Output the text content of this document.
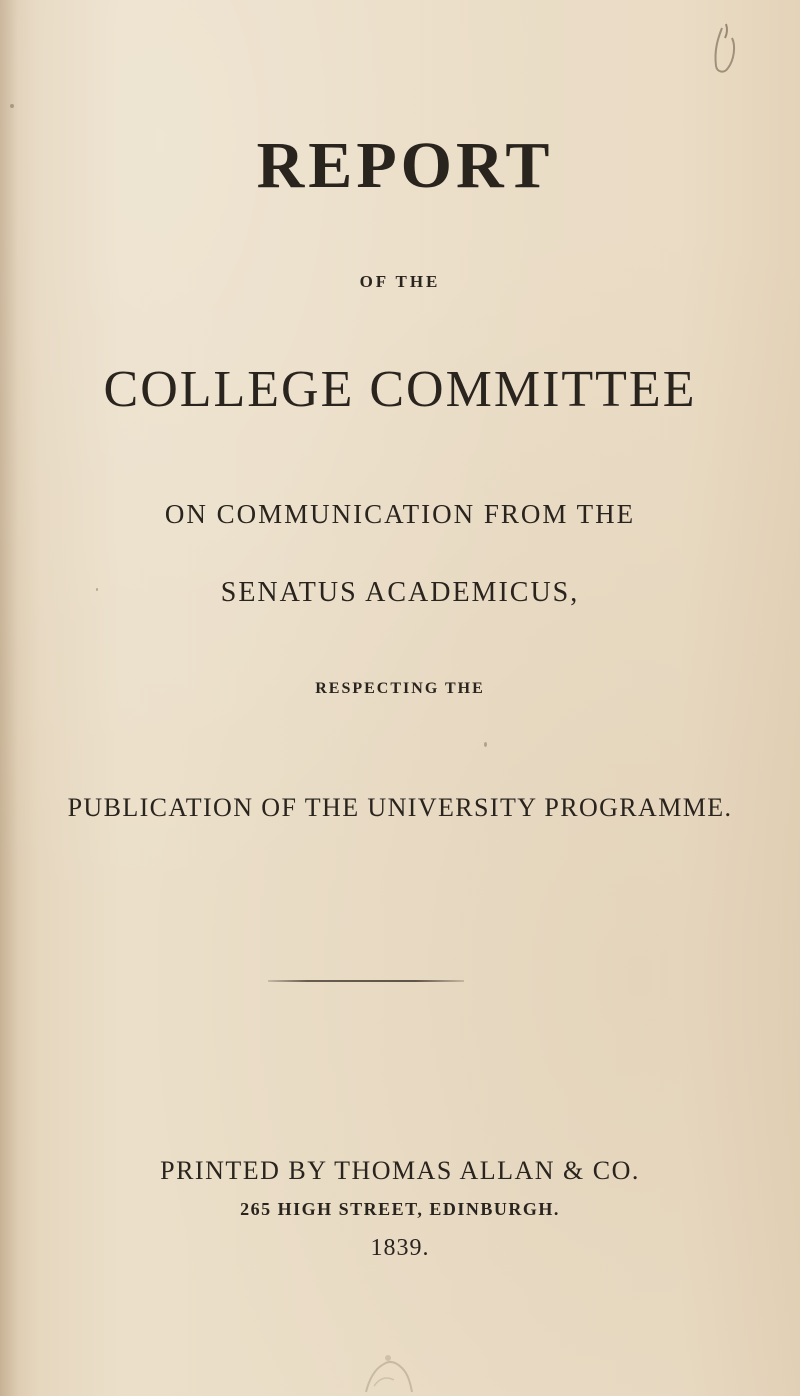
REPORT
OF THE
COLLEGE COMMITTEE
ON COMMUNICATION FROM THE
SENATUS ACADEMICUS,
RESPECTING THE
PUBLICATION OF THE UNIVERSITY PROGRAMME.
PRINTED BY THOMAS ALLAN & CO.
265 HIGH STREET, EDINBURGH.
1839.
